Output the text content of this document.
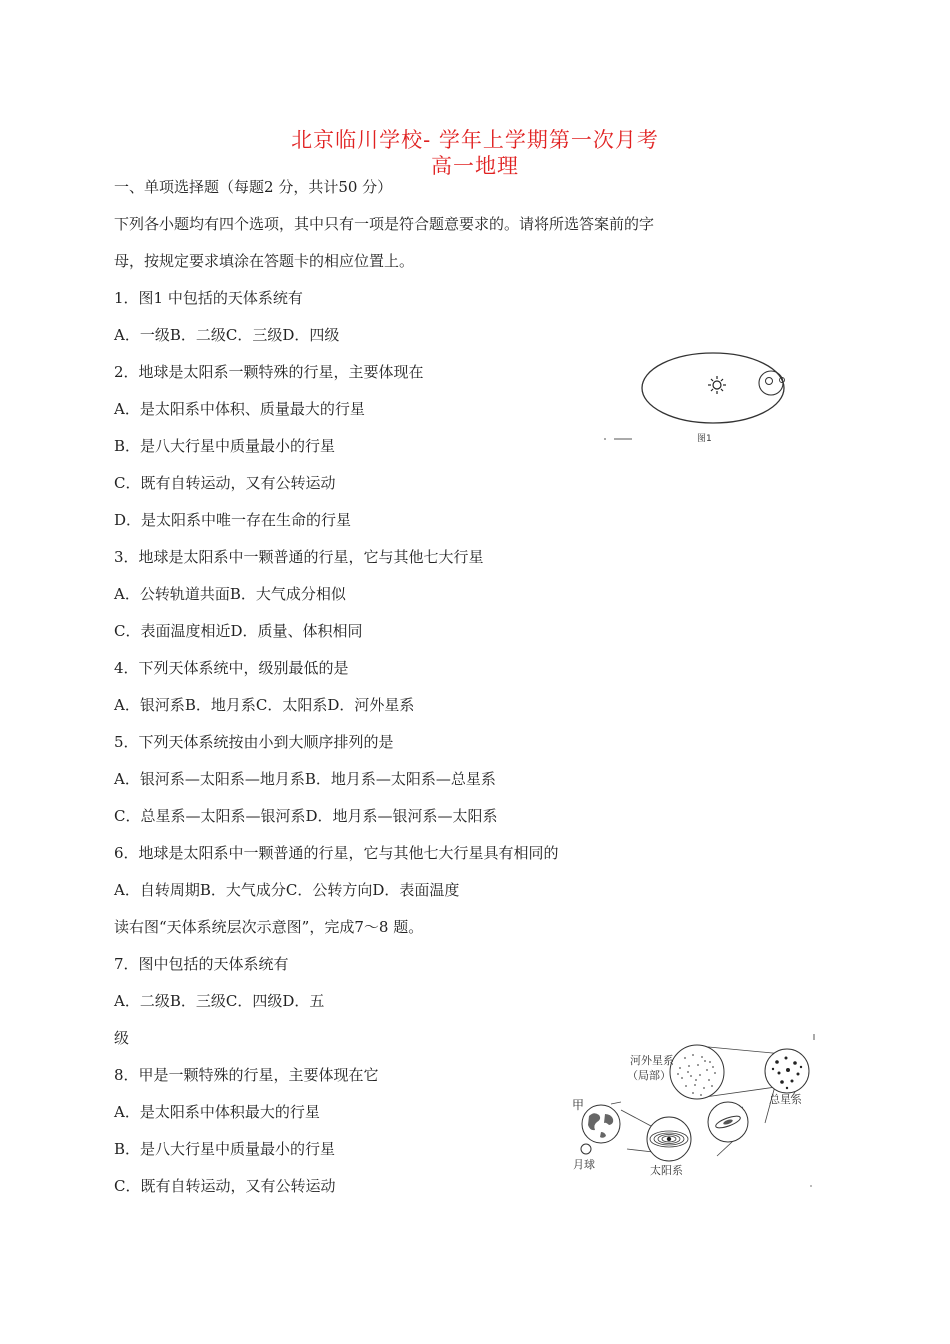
北京临川学校- 学年上学期第一次月考
高一地理
一、单项选择题（每题2 分，共计50 分）
下列各小题均有四个选项，其中只有一项是符合题意要求的。请将所选答案前的字
母，按规定要求填涂在答题卡的相应位置上。
1．图1 中包括的天体系统有
A．一级B．二级C．三级D．四级
2．地球是太阳系一颗特殊的行星，主要体现在
A．是太阳系中体积、质量最大的行星
B．是八大行星中质量最小的行星
C．既有自转运动，又有公转运动
D．是太阳系中唯一存在生命的行星
3．地球是太阳系中一颗普通的行星，它与其他七大行星
A．公转轨道共面B．大气成分相似
C．表面温度相近D．质量、体积相同
4．下列天体系统中，级别最低的是
A．银河系B．地月系C．太阳系D．河外星系
5．下列天体系统按由小到大顺序排列的是
A．银河系—太阳系—地月系B．地月系—太阳系—总星系
C．总星系—太阳系—银河系D．地月系—银河系—太阳系
6．地球是太阳系中一颗普通的行星，它与其他七大行星具有相同的
A．自转周期B．大气成分C．公转方向D．表面温度
读右图“天体系统层次示意图”，完成7～8 题。
7．图中包括的天体系统有
A．二级B．三级C．四级D．五
级
8．甲是一颗特殊的行星，主要体现在它
A．是太阳系中体积最大的行星
B．是八大行星中质量最小的行星
C．既有自转运动，又有公转运动
图1
河外星系
（局部）
总星系
甲
月球	太阳系
